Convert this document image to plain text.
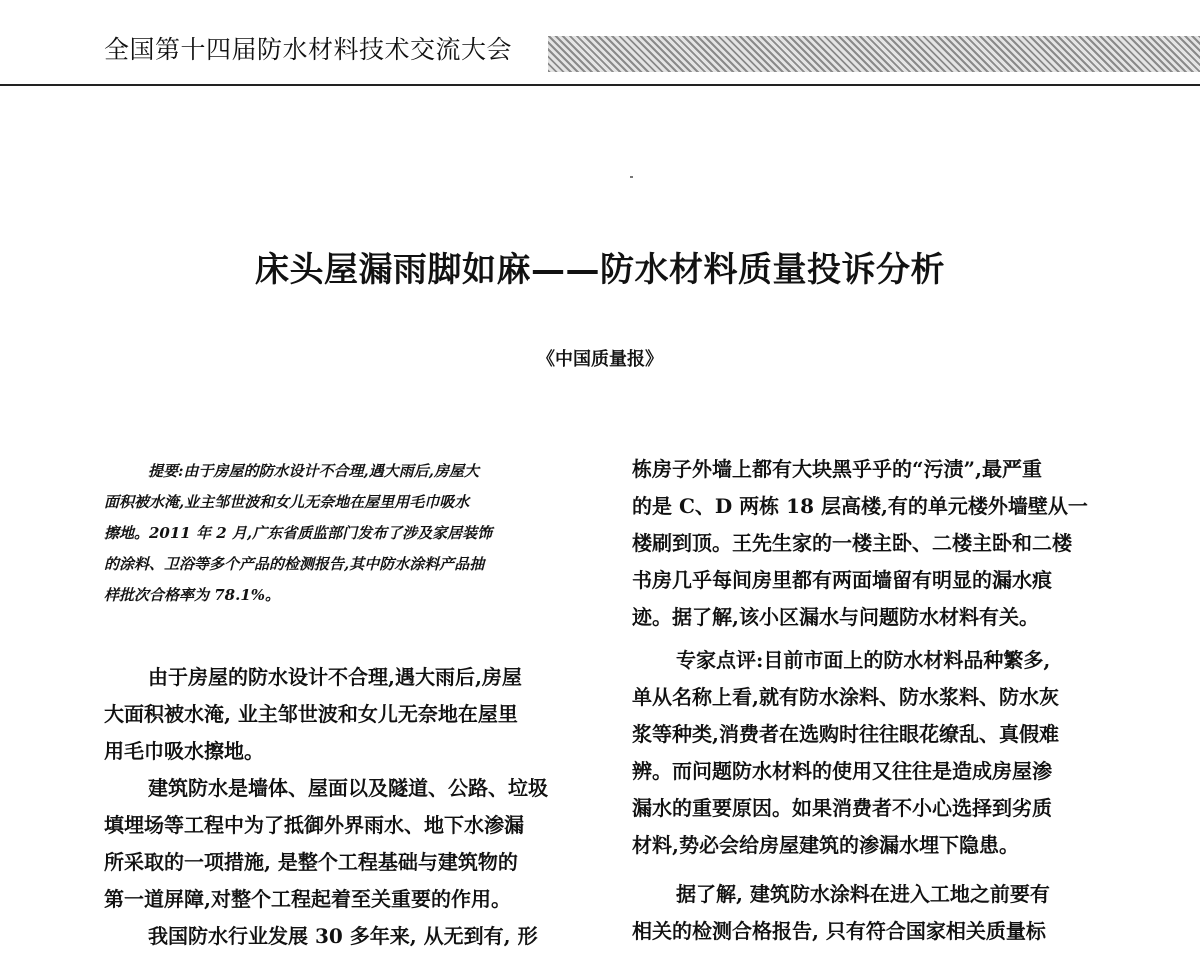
全国第十四届防水材料技术交流大会
床头屋漏雨脚如麻——防水材料质量投诉分析
《中国质量报》
提要:由于房屋的防水设计不合理,遇大雨后,房屋大
面积被水淹,业主邹世波和女儿无奈地在屋里用毛巾吸水
擦地。2011 年 2 月,广东省质监部门发布了涉及家居装饰
的涂料、卫浴等多个产品的检测报告,其中防水涂料产品抽
样批次合格率为 78.1%。
由于房屋的防水设计不合理,遇大雨后,房屋
大面积被水淹, 业主邹世波和女儿无奈地在屋里
用毛巾吸水擦地。
建筑防水是墙体、屋面以及隧道、公路、垃圾
填埋场等工程中为了抵御外界雨水、地下水渗漏
所采取的一项措施, 是整个工程基础与建筑物的
第一道屏障,对整个工程起着至关重要的作用。
我国防水行业发展 30 多年来, 从无到有, 形
栋房子外墙上都有大块黑乎乎的“污渍”,最严重
的是 C、D 两栋 18 层高楼,有的单元楼外墙壁从一
楼刷到顶。王先生家的一楼主卧、二楼主卧和二楼
书房几乎每间房里都有两面墙留有明显的漏水痕
迹。据了解,该小区漏水与问题防水材料有关。
专家点评:目前市面上的防水材料品种繁多,
单从名称上看,就有防水涂料、防水浆料、防水灰
浆等种类,消费者在选购时往往眼花缭乱、真假难
辨。而问题防水材料的使用又往往是造成房屋渗
漏水的重要原因。如果消费者不小心选择到劣质
材料,势必会给房屋建筑的渗漏水埋下隐患。
据了解, 建筑防水涂料在进入工地之前要有
相关的检测合格报告, 只有符合国家相关质量标
